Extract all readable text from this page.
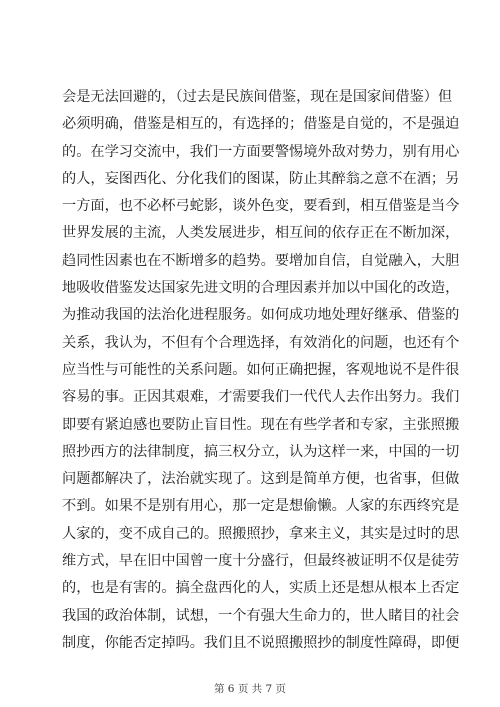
会是无法回避的，（过去是民族间借鉴，现在是国家间借鉴）但
必须明确，借鉴是相互的，有选择的；借鉴是自觉的，不是强迫
的。在学习交流中，我们一方面要警惕境外敌对势力，别有用心
的人，妄图西化、分化我们的图谋，防止其醉翁之意不在酒；另
一方面，也不必杯弓蛇影，谈外色变，要看到，相互借鉴是当今
世界发展的主流，人类发展进步，相互间的依存正在不断加深，
趋同性因素也在不断增多的趋势。要增加自信，自觉融入，大胆
地吸收借鉴发达国家先进文明的合理因素并加以中国化的改造，
为推动我国的法治化进程服务。如何成功地处理好继承、借鉴的
关系，我认为，不但有个合理选择，有效消化的问题，也还有个
应当性与可能性的关系问题。如何正确把握，客观地说不是件很
容易的事。正因其艰难，才需要我们一代代人去作出努力。我们
即要有紧迫感也要防止盲目性。现在有些学者和专家，主张照搬
照抄西方的法律制度，搞三权分立，认为这样一来，中国的一切
问题都解决了，法治就实现了。这到是简单方便，也省事，但做
不到。如果不是别有用心，那一定是想偷懒。人家的东西终究是
人家的，变不成自己的。照搬照抄，拿来主义，其实是过时的思
维方式，早在旧中国曾一度十分盛行，但最终被证明不仅是徒劳
的，也是有害的。搞全盘西化的人，实质上还是想从根本上否定
我国的政治体制，试想，一个有强大生命力的，世人睹目的社会
制度，你能否定掉吗。我们且不说照搬照抄的制度性障碍，即便
第 6 页 共 7 页
